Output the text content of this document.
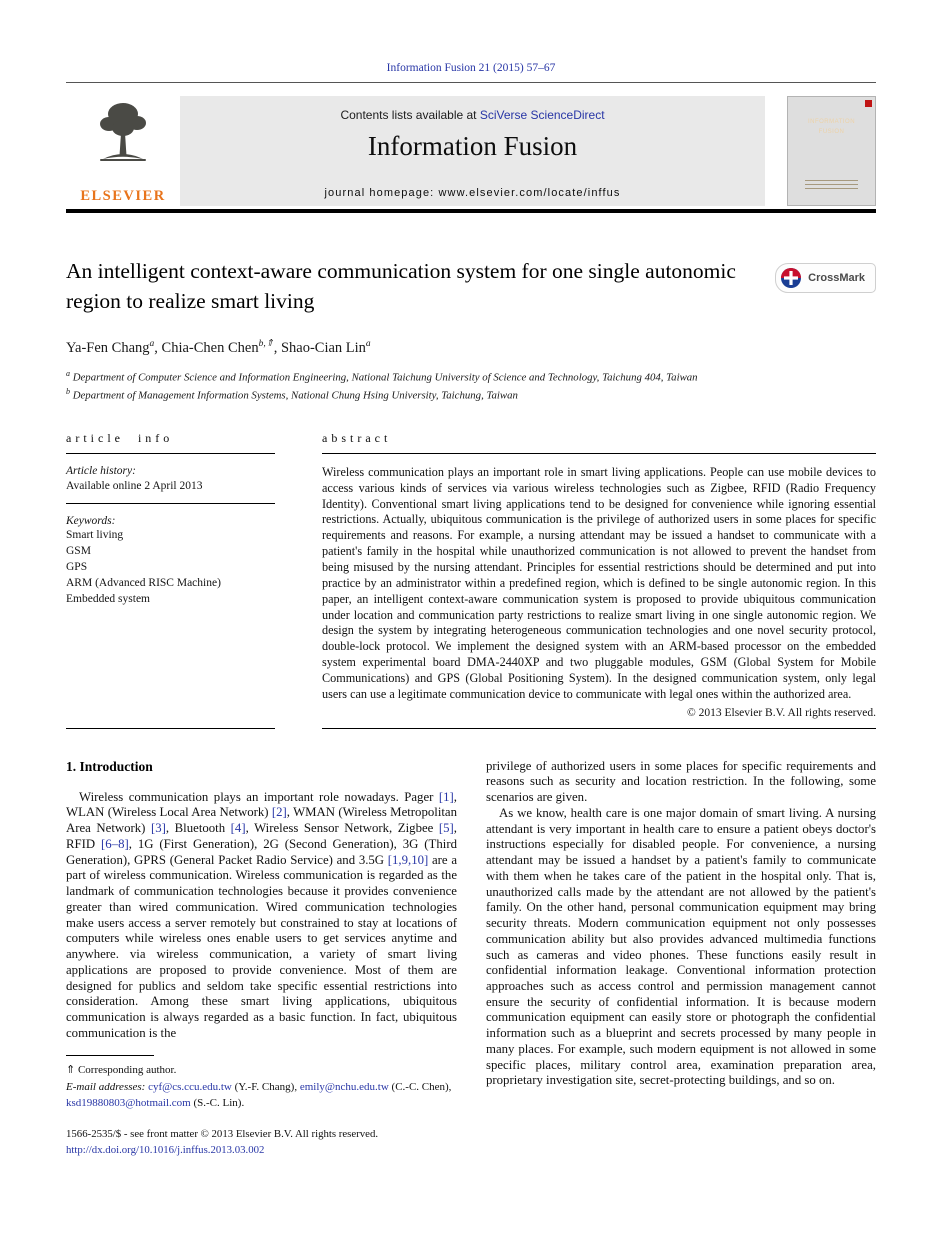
Information Fusion 21 (2015) 57–67
ELSEVIER
Contents lists available at SciVerse ScienceDirect
Information Fusion
journal homepage: www.elsevier.com/locate/inffus
INFORMATION FUSION
An intelligent context-aware communication system for one single autonomic region to realize smart living
CrossMark
Ya-Fen Chang$^a$, Chia-Chen Chen$^{b,⇑}$, Shao-Cian Lin$^a$
$^a$ Department of Computer Science and Information Engineering, National Taichung University of Science and Technology, Taichung 404, Taiwan
$^b$ Department of Management Information Systems, National Chung Hsing University, Taichung, Taiwan
article info
Article history:
Available online 2 April 2013
Keywords:
Smart living
GSM
GPS
ARM (Advanced RISC Machine)
Embedded system
abstract

Wireless communication plays an important role in smart living applications. People can use mobile devices to access various kinds of services via various wireless technologies such as Zigbee, RFID (Radio Frequency Identity). Conventional smart living applications tend to be designed for convenience while ignoring essential restrictions. Actually, ubiquitous communication is the privilege of authorized users in some places for specific requirements and reasons. For example, a nursing attendant may be issued a handset to communicate with a patient's family in the hospital while unauthorized communication is not allowed to prevent the handset from being misused by the nursing attendant. Principles for essential restrictions should be determined and put into practice by an administrator within a predefined region, which is defined to be single autonomic region. In this paper, an intelligent context-aware communication system is proposed to provide ubiquitous communication under location and communication party restrictions to realize smart living in one single autonomic region. We design the system by integrating heterogeneous communication technologies and one novel security protocol, double-lock protocol. We implement the designed system with an ARM-based processor on the embedded system experimental board DMA-2440XP and two pluggable modules, GSM (Global System for Mobile Communications) and GPS (Global Positioning System). In the designed communication system, only legal users can use a legitimate communication device to communicate with legal ones within the authorized area.

© 2013 Elsevier B.V. All rights reserved.
1. Introduction

Wireless communication plays an important role nowadays. Pager [1], WLAN (Wireless Local Area Network) [2], WMAN (Wireless Metropolitan Area Network) [3], Bluetooth [4], Wireless Sensor Network, Zigbee [5], RFID [6–8], 1G (First Generation), 2G (Second Generation), 3G (Third Generation), GPRS (General Packet Radio Service) and 3.5G [1,9,10] are a part of wireless communication. Wireless communication is regarded as the landmark of communication technologies because it provides convenience greater than wired communication. Wired communication technologies make users access a server remotely but constrained to stay at locations of computers while wireless ones enable users to get services anytime and anywhere. via wireless communication, a variety of smart living applications are proposed to provide convenience. Most of them are designed for publics and seldom take specific essential restrictions into consideration. Among these smart living applications, ubiquitous communication is always regarded as a basic function. In fact, ubiquitous communication is the

⇑ Corresponding author.
E-mail addresses: cyf@cs.ccu.edu.tw (Y.-F. Chang), emily@nchu.edu.tw (C.-C. Chen), ksd19880803@hotmail.com (S.-C. Lin).

privilege of authorized users in some places for specific requirements and reasons such as security and location restriction. In the following, some scenarios are given.

As we know, health care is one major domain of smart living. A nursing attendant is very important in health care to ensure a patient obeys doctor's instructions especially for disabled people. For convenience, a nursing attendant may be issued a handset by a patient's family to communicate with them when he takes care of the patient in the hospital only. That is, unauthorized calls made by the attendant are not allowed by the patient's family. On the other hand, personal communication equipment may bring security threats. Modern communication equipment not only possesses communication ability but also provides advanced multimedia functions such as cameras and video phones. These functions easily result in confidential information leakage. Conventional information protection approaches such as access control and permission management cannot ensure the security of confidential information. It is because modern communication equipment can easily store or photograph the confidential information such as a blueprint and secrets processed by many people in many places. For example, such modern equipment is not allowed in some specific places, military control area, examination preparation area, proprietary investigation site, secret-protecting buildings, and so on.

1566-2535/$ - see front matter © 2013 Elsevier B.V. All rights reserved.
http://dx.doi.org/10.1016/j.inffus.2013.03.002
